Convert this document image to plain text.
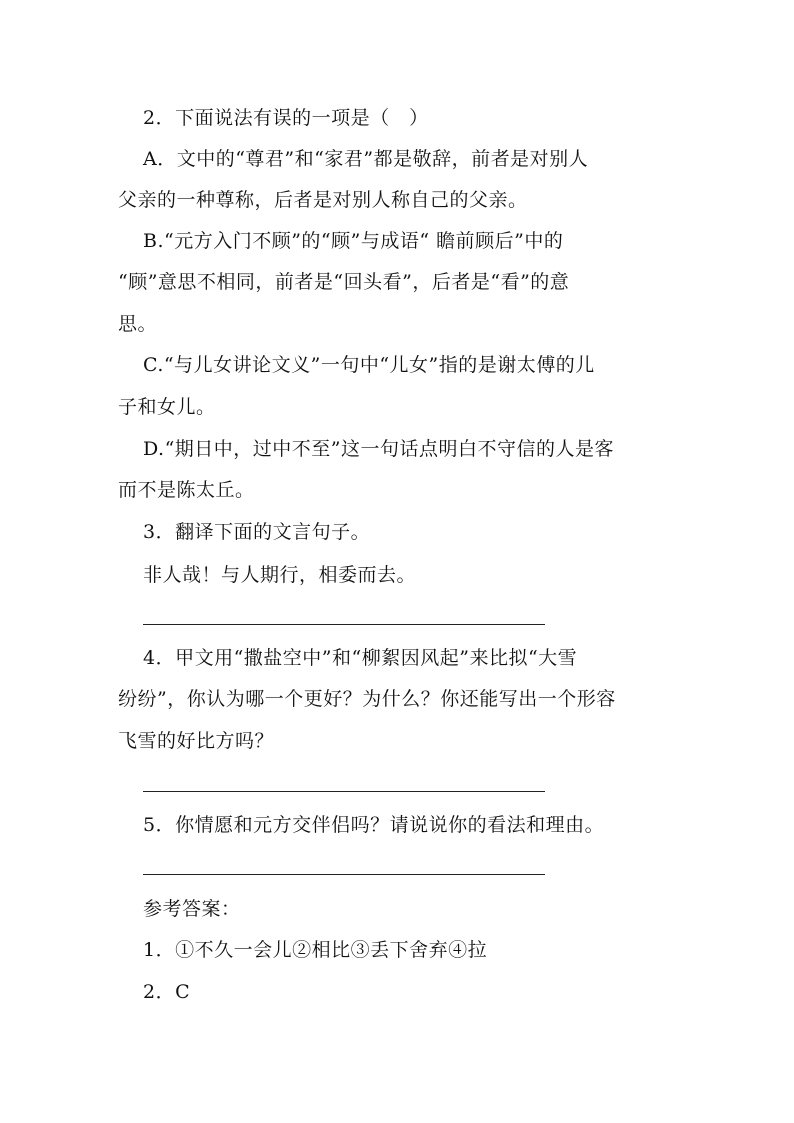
2．下面说法有误的一项是（　）
A．文中的“尊君”和“家君”都是敬辞，前者是对别人
父亲的一种尊称，后者是对别人称自己的父亲。
B.“元方入门不顾”的“顾”与成语“ 瞻前顾后”中的
“顾”意思不相同，前者是“回头看”，后者是“看”的意
思。
C.“与儿女讲论文义”一句中“儿女”指的是谢太傅的儿
子和女儿。
D.“期日中，过中不至”这一句话点明白不守信的人是客
而不是陈太丘。
3．翻译下面的文言句子。
非人哉！与人期行，相委而去。
4．甲文用“撒盐空中”和“柳絮因风起”来比拟“大雪
纷纷”，你认为哪一个更好？为什么？你还能写出一个形容
飞雪的好比方吗？
5．你情愿和元方交伴侣吗？请说说你的看法和理由。
参考答案：
1．①不久一会儿②相比③丢下舍弃④拉
2．C
